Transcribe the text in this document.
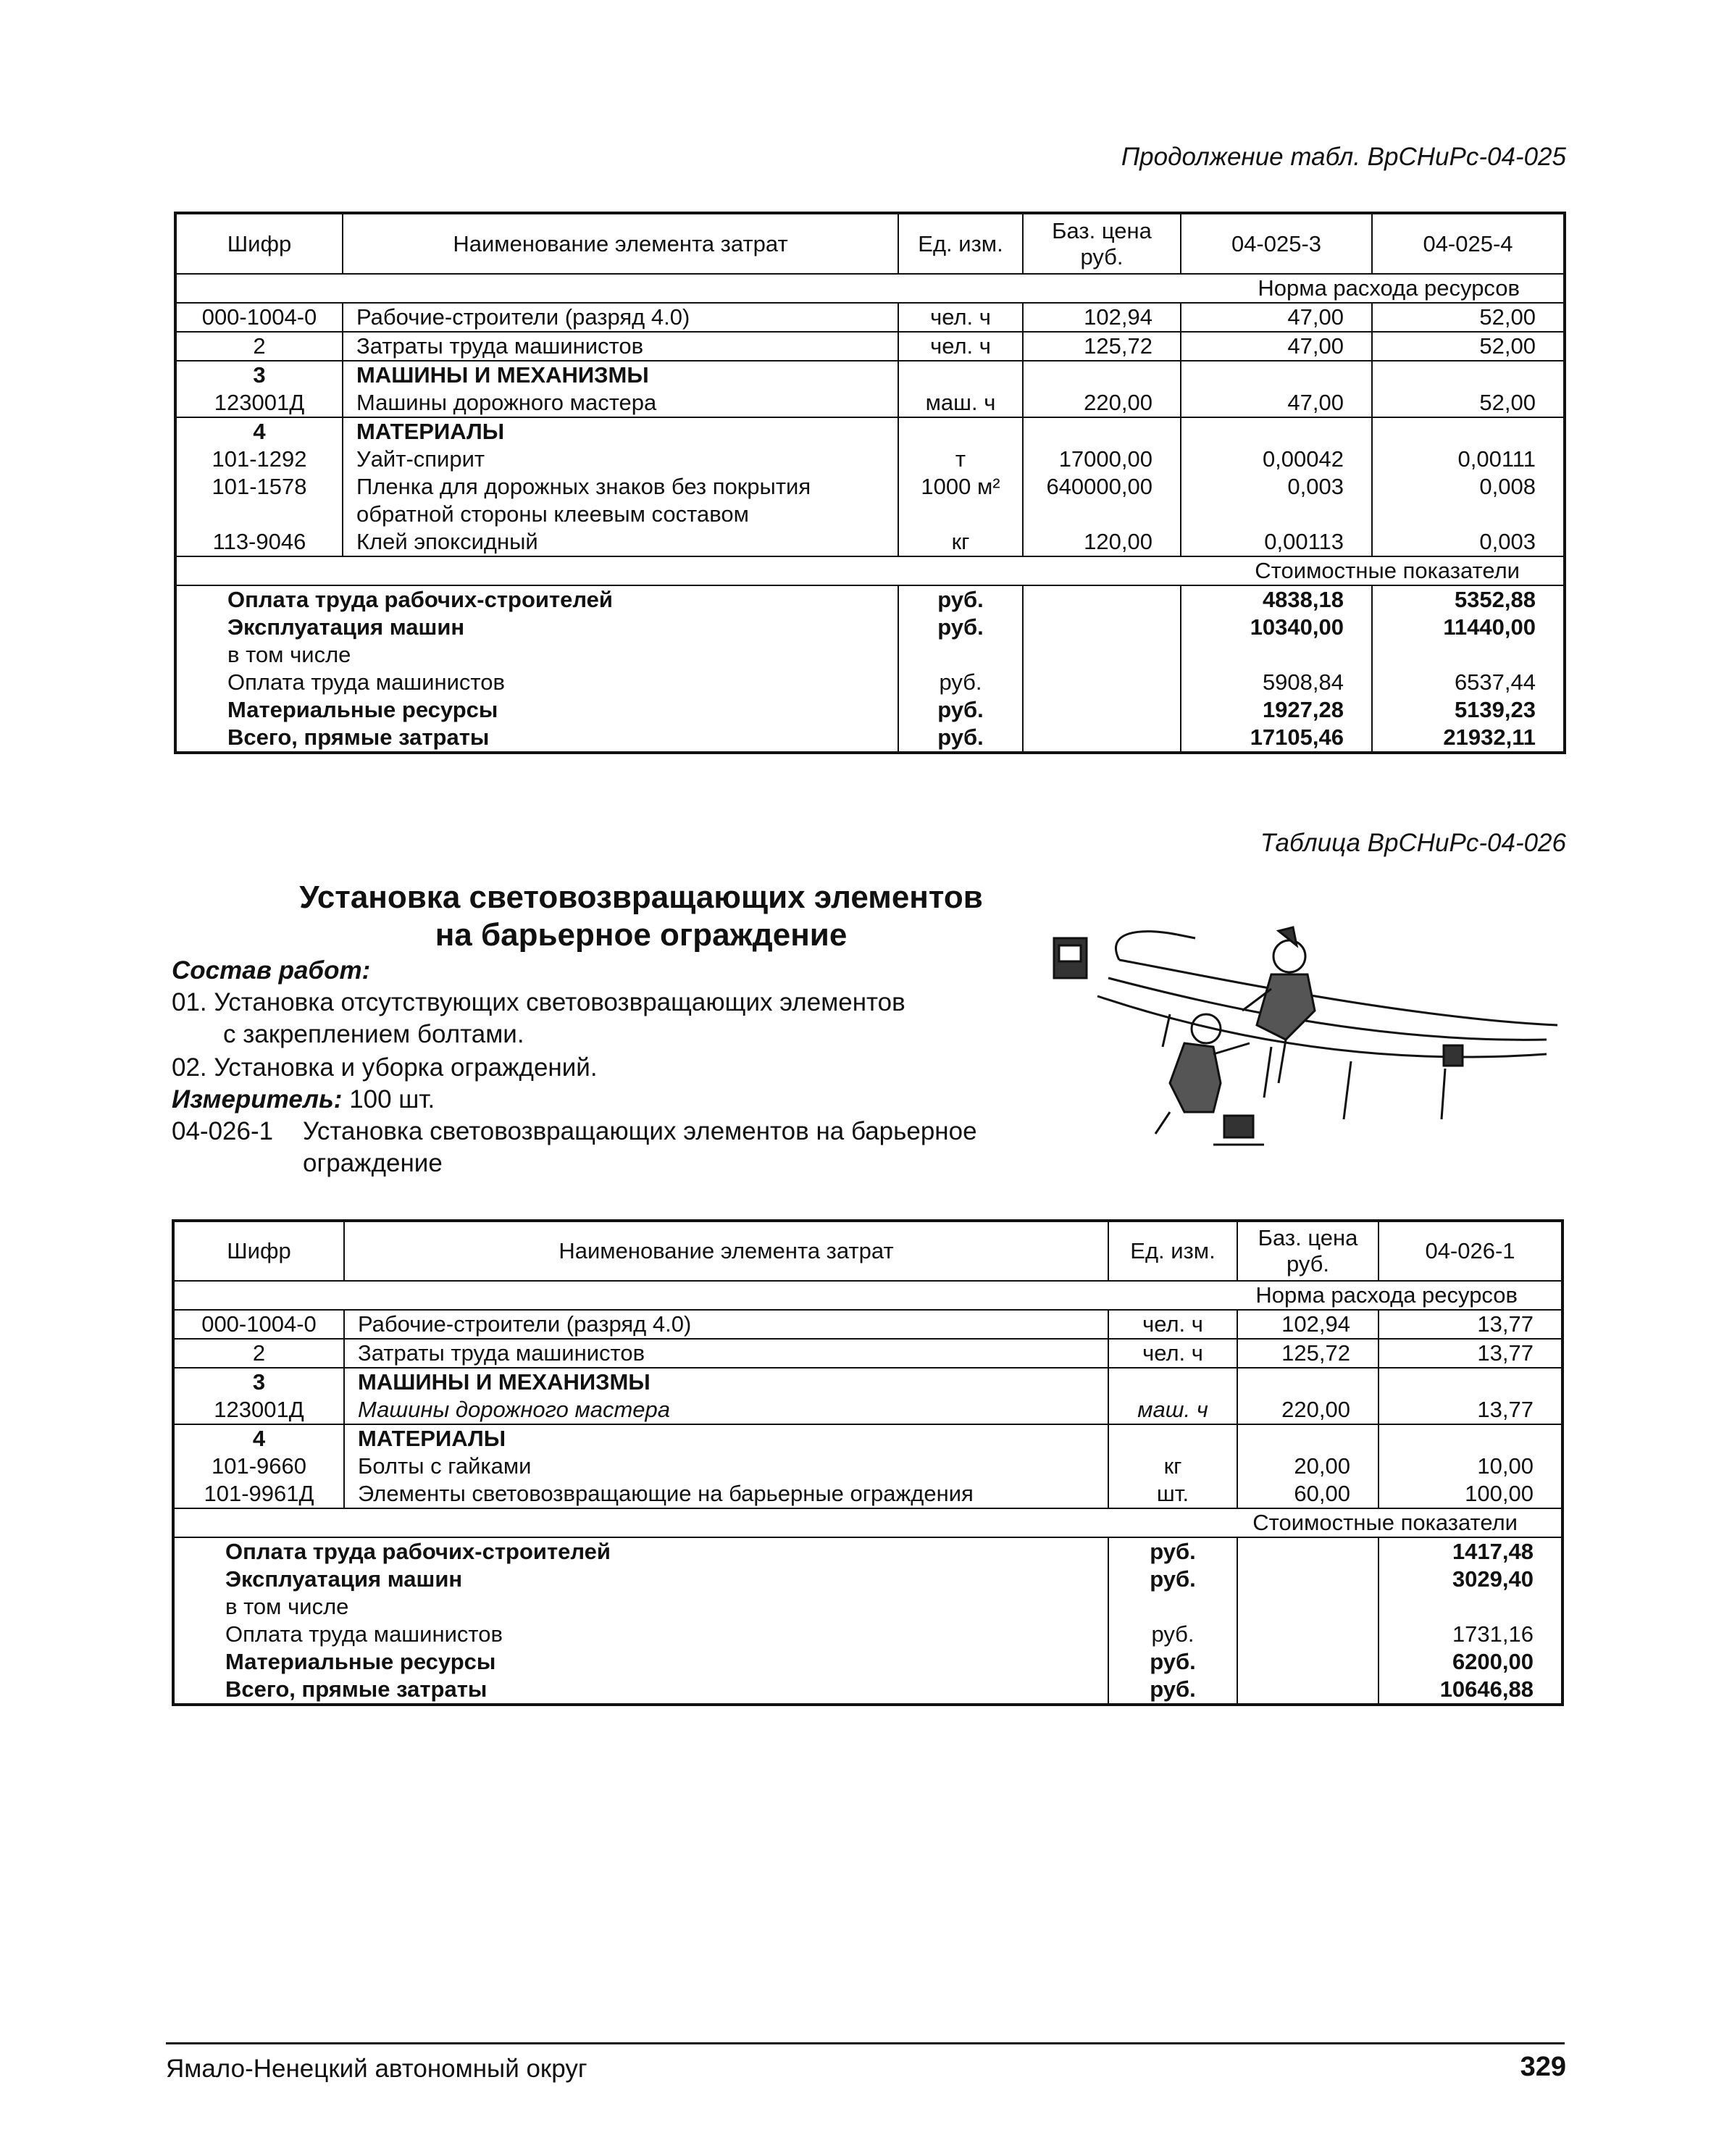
Продолжение табл. ВрСНиРс-04-025
Шифр	Наименование элемента затрат	Ед. изм.	Баз. цена руб.	04-025-3	04-025-4
Норма расхода ресурсов					
000-1004-0	Рабочие-строители (разряд 4.0)	чел. ч	102,94	47,00	52,00
2	Затраты труда машинистов	чел. ч	125,72	47,00	52,00
3	МАШИНЫ И МЕХАНИЗМЫ				
123001Д	Машины дорожного мастера	маш. ч	220,00	47,00	52,00
4	МАТЕРИАЛЫ				
101-1292	Уайт-спирит	т	17000,00	0,00042	0,00111
101-1578	Пленка для дорожных знаков без покрытия	1000 м²	640000,00	0,003	0,008
	обратной стороны клеевым составом				
113-9046	Клей эпоксидный	кг	120,00	0,00113	0,003
Стоимостные показатели					
Оплата труда рабочих-строителей		руб.		4838,18	5352,88
Эксплуатация машин		руб.		10340,00	11440,00
в том числе					
Оплата труда машинистов		руб.		5908,84	6537,44
Материальные ресурсы		руб.		1927,28	5139,23
Всего, прямые затраты		руб.		17105,46	21932,11
Таблица ВрСНиРс-04-026
Установка световозвращающих элементов
на барьерное ограждение
Состав работ:
01. Установка отсутствующих световозвращающих элементов
с закреплением болтами.
02. Установка и уборка ограждений.
Измеритель: 100 шт.
04-026-1 Установка световозвращающих элементов на барьерное
ограждение
Шифр	Наименование элемента затрат	Ед. изм.	Баз. цена руб.	04-026-1
Норма расхода ресурсов				
000-1004-0	Рабочие-строители (разряд 4.0)	чел. ч	102,94	13,77
2	Затраты труда машинистов	чел. ч	125,72	13,77
3	МАШИНЫ И МЕХАНИЗМЫ			
123001Д	Машины дорожного мастера	маш. ч	220,00	13,77
4	МАТЕРИАЛЫ			
101-9660	Болты с гайками	кг	20,00	10,00
101-9961Д	Элементы световозвращающие на барьерные ограждения	шт.	60,00	100,00
Стоимостные показатели				
Оплата труда рабочих-строителей		руб.		1417,48
Эксплуатация машин		руб.		3029,40
в том числе				
Оплата труда машинистов		руб.		1731,16
Материальные ресурсы		руб.		6200,00
Всего, прямые затраты		руб.		10646,88
Ямало-Ненецкий автономный округ	329
